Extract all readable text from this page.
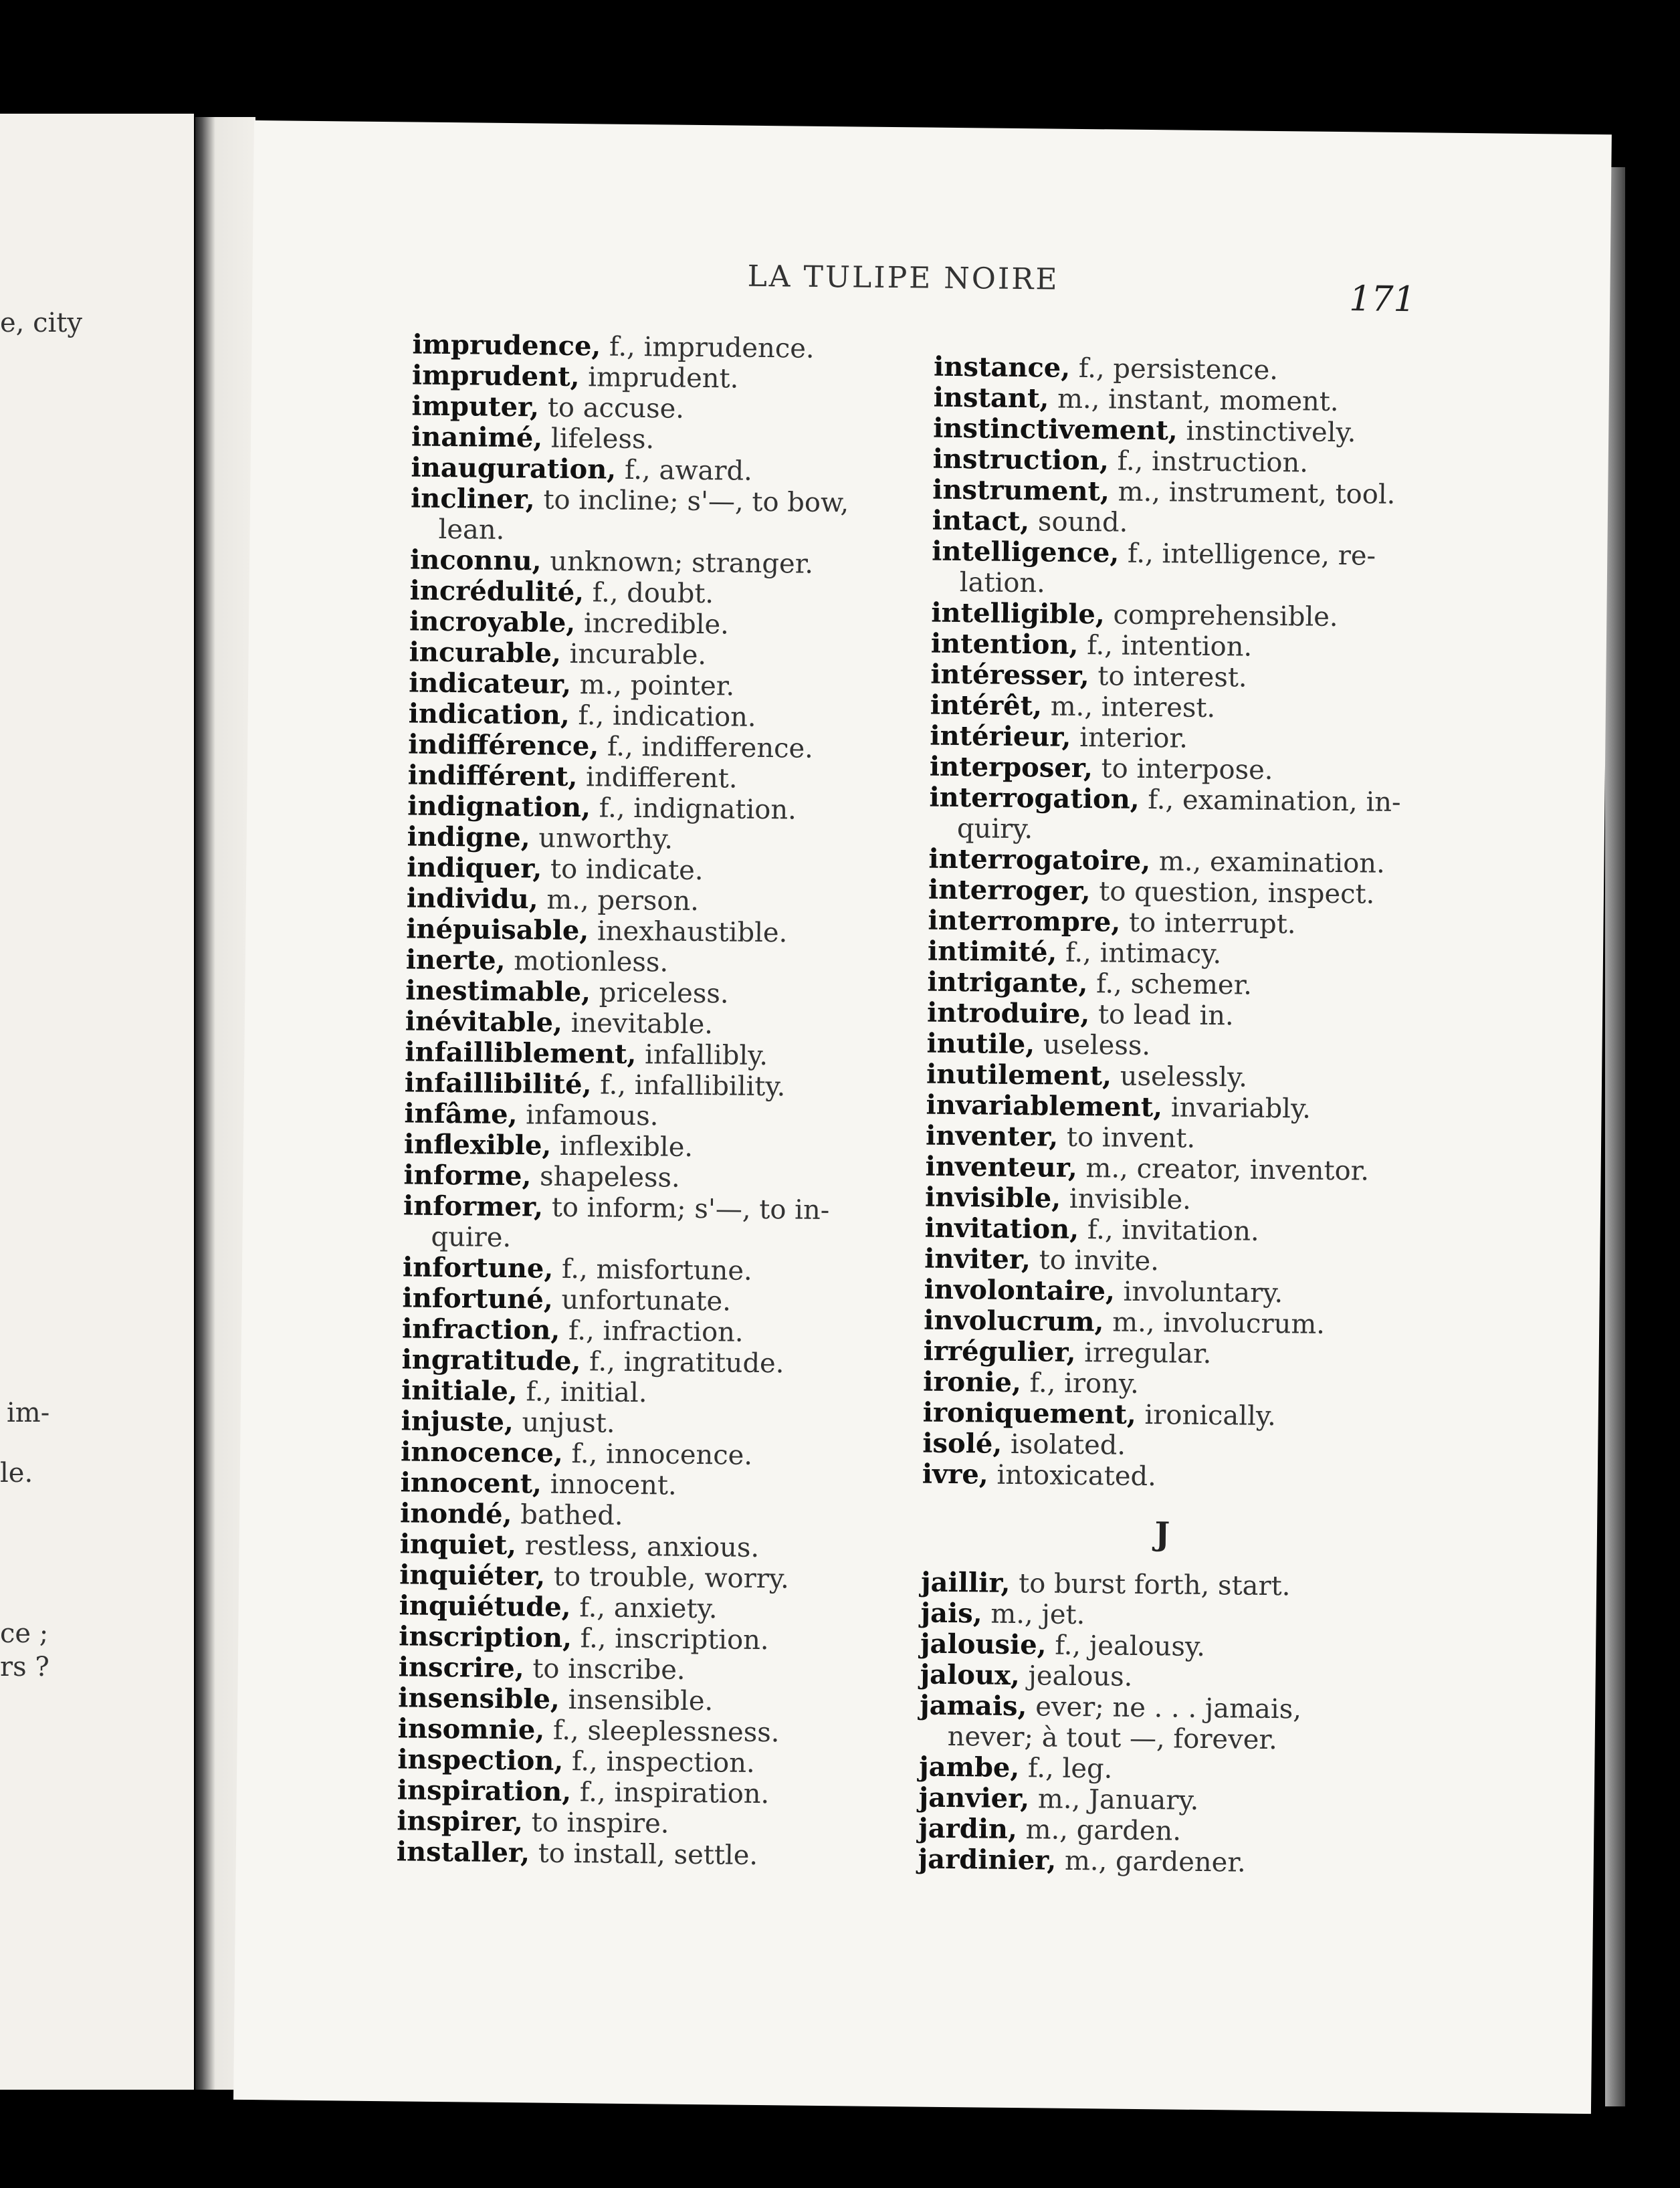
e, city
im-
le.
ce ;
rs ?
LA TULIPE NOIRE
171

imprudence, f., imprudence.

imprudent, imprudent.

imputer, to accuse.

inanimé, lifeless.

inauguration, f., award.

incliner, to incline; s'—, to bow,

lean.

inconnu, unknown; stranger.

incrédulité, f., doubt.

incroyable, incredible.

incurable, incurable.

indicateur, m., pointer.

indication, f., indication.

indifférence, f., indifference.

indifférent, indifferent.

indignation, f., indignation.

indigne, unworthy.

indiquer, to indicate.

individu, m., person.

inépuisable, inexhaustible.

inerte, motionless.

inestimable, priceless.

inévitable, inevitable.

infailliblement, infallibly.

infaillibilité, f., infallibility.

infâme, infamous.

inflexible, inflexible.

informe, shapeless.

informer, to inform; s'—, to in-

quire.

infortune, f., misfortune.

infortuné, unfortunate.

infraction, f., infraction.

ingratitude, f., ingratitude.

initiale, f., initial.

injuste, unjust.

innocence, f., innocence.

innocent, innocent.

inondé, bathed.

inquiet, restless, anxious.

inquiéter, to trouble, worry.

inquiétude, f., anxiety.

inscription, f., inscription.

inscrire, to inscribe.

insensible, insensible.

insomnie, f., sleeplessness.

inspection, f., inspection.

inspiration, f., inspiration.

inspirer, to inspire.

installer, to install, settle.

instance, f., persistence.

instant, m., instant, moment.

instinctivement, instinctively.

instruction, f., instruction.

instrument, m., instrument, tool.

intact, sound.

intelligence, f., intelligence, re-

lation.

intelligible, comprehensible.

intention, f., intention.

intéresser, to interest.

intérêt, m., interest.

intérieur, interior.

interposer, to interpose.

interrogation, f., examination, in-

quiry.

interrogatoire, m., examination.

interroger, to question, inspect.

interrompre, to interrupt.

intimité, f., intimacy.

intrigante, f., schemer.

introduire, to lead in.

inutile, useless.

inutilement, uselessly.

invariablement, invariably.

inventer, to invent.

inventeur, m., creator, inventor.

invisible, invisible.

invitation, f., invitation.

inviter, to invite.

involontaire, involuntary.

involucrum, m., involucrum.

irrégulier, irregular.

ironie, f., irony.

ironiquement, ironically.

isolé, isolated.

ivre, intoxicated.

J

jaillir, to burst forth, start.

jais, m., jet.

jalousie, f., jealousy.

jaloux, jealous.

jamais, ever; ne . . . jamais,

never; à tout —, forever.

jambe, f., leg.

janvier, m., January.

jardin, m., garden.

jardinier, m., gardener.
